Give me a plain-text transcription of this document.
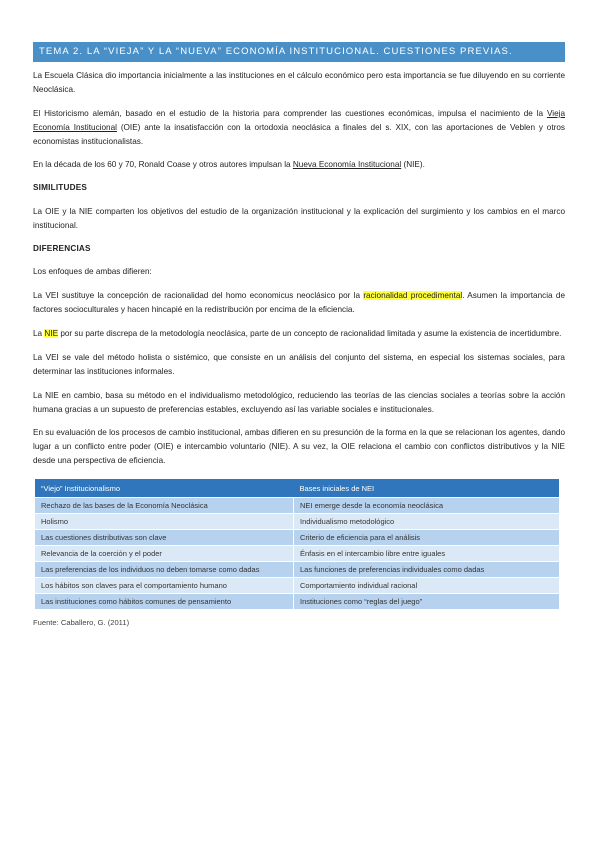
TEMA 2. LA “VIEJA” Y LA “NUEVA” ECONOMÍA INSTITUCIONAL. CUESTIONES PREVIAS.

La Escuela Clásica dio importancia inicialmente a las instituciones en el cálculo económico pero esta importancia se fue diluyendo en su corriente Neoclásica.

El Historicismo alemán, basado en el estudio de la historia para comprender las cuestiones económicas, impulsa el nacimiento de la Vieja Economía Institucional (OIE) ante la insatisfacción con la ortodoxia neoclásica a finales del s. XIX, con las aportaciones de Veblen y otros economistas institucionalistas.

En la década de los 60 y 70, Ronald Coase y otros autores impulsan la Nueva Economía Institucional (NIE).

SIMILITUDES

La OIE y la NIE comparten los objetivos del estudio de la organización institucional y la explicación del surgimiento y los cambios en el marco institucional.

DIFERENCIAS

Los enfoques de ambas difieren:

La VEI sustituye la concepción de racionalidad del homo economicus neoclásico por la racionalidad procedimental. Asumen la importancia de factores socioculturales y hacen hincapié en la redistribución por encima de la eficiencia.

La NIE por su parte discrepa de la metodología neoclásica, parte de un concepto de racionalidad limitada y asume la existencia de incertidumbre.

La VEI se vale del método holista o sistémico, que consiste en un análisis del conjunto del sistema, en especial los sistemas sociales, para determinar las instituciones informales.

La NIE en cambio, basa su método en el individualismo metodológico, reduciendo las teorías de las ciencias sociales a teorías sobre la acción humana gracias a un supuesto de preferencias estables, excluyendo así las variable sociales e institucionales.

En su evaluación de los procesos de cambio institucional, ambas difieren en su presunción de la forma en la que se relacionan los agentes, dando lugar a un conflicto entre poder (OIE) e intercambio voluntario (NIE). A su vez, la OIE relaciona el cambio con conflictos distributivos y la NIE desde una perspectiva de eficiencia.

“Viejo” Institucionalismo	Bases iniciales de NEI
Rechazo de las bases de la Economía Neoclásica	NEI emerge desde la economía neoclásica
Holismo	Individualismo metodológico
Las cuestiones distributivas son clave	Criterio de eficiencia para el análisis
Relevancia de la coerción y el poder	Énfasis en el intercambio libre entre iguales
Las preferencias de los individuos no deben tomarse como dadas	Las funciones de preferencias individuales como dadas
Los hábitos son claves para el comportamiento humano	Comportamiento individual racional
Las instituciones como hábitos comunes de pensamiento	Instituciones como “reglas del juego”
Fuente: Caballero, G. (2011)
